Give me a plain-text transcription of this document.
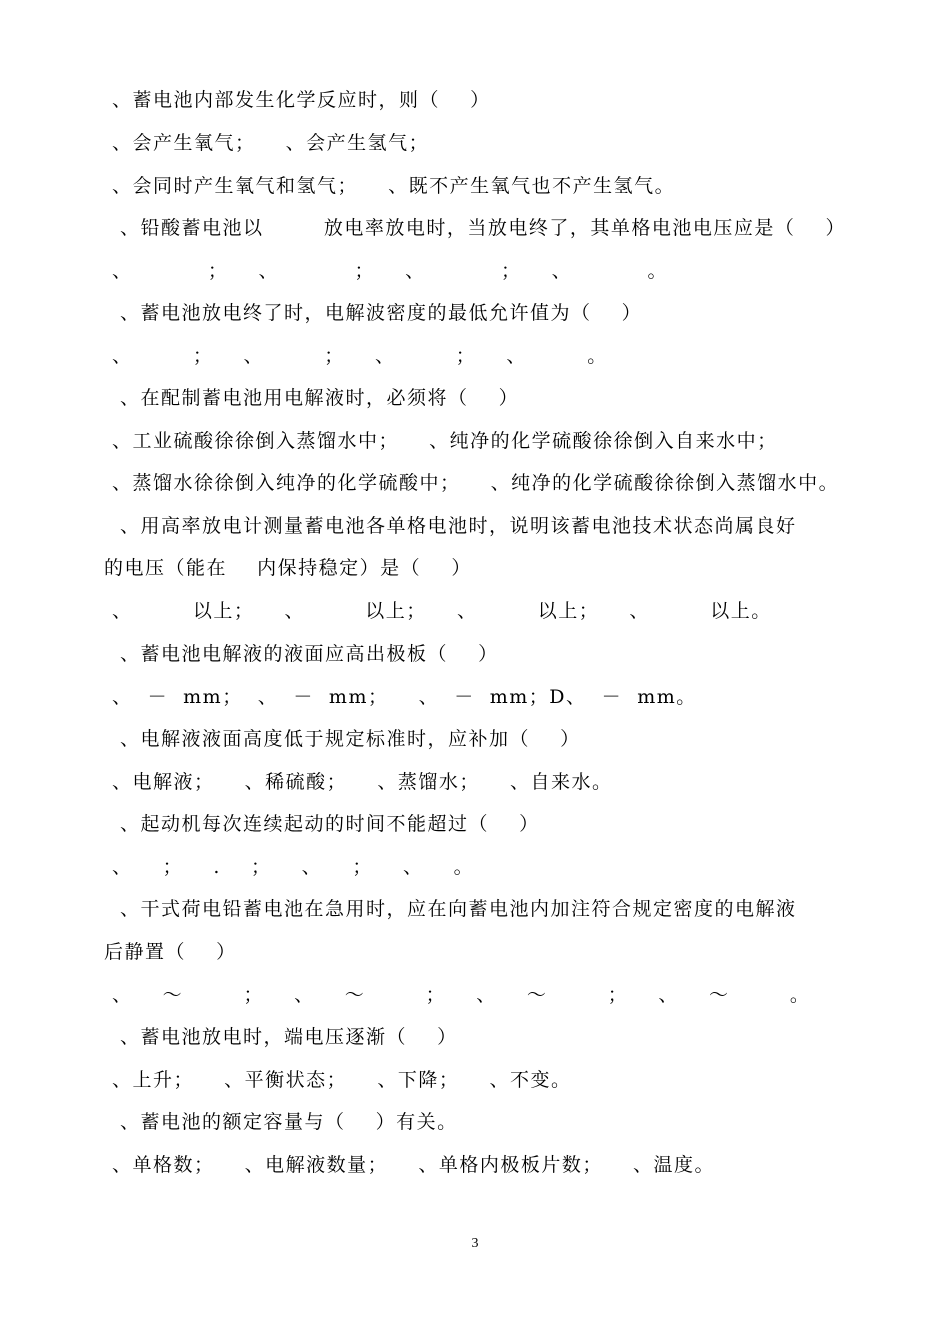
、蓄电池内部发生化学反应时，则（    ）
、会产生氧气；    、会产生氢气；
、会同时产生氧气和氢气；    、既不产生氧气也不产生氢气。
、铅酸蓄电池以        放电率放电时，当放电终了，其单格电池电压应是（    ）
、          ；    、          ；    、          ；    、          。
、蓄电池放电终了时，电解波密度的最低允许值为（    ）
、        ；    、        ；    、        ；    、        。
、在配制蓄电池用电解液时，必须将（    ）
、工业硫酸徐徐倒入蒸馏水中；    、纯净的化学硫酸徐徐倒入自来水中；
、蒸馏水徐徐倒入纯净的化学硫酸中；    、纯净的化学硫酸徐徐倒入蒸馏水中。
、用高率放电计测量蓄电池各单格电池时，说明该蓄电池技术状态尚属良好
的电压（能在    内保持稳定）是（    ）
、        以上；    、        以上；    、        以上；    、        以上。
、蓄电池电解液的液面应高出极板（    ）
、  －  mm；  、  －  mm；    、  －  mm；D、  －  mm。
、电解液液面高度低于规定标准时，应补加（    ）
、电解液；    、稀硫酸；    、蒸馏水；    、自来水。
、起动机每次连续起动的时间不能超过（    ）
、    ；    .    ；    、    ；    、    。
、干式荷电铅蓄电池在急用时，应在向蓄电池内加注符合规定密度的电解液
后静置（    ）
、    ～        ；    、    ～        ；    、    ～        ；    、    ～        。
、蓄电池放电时，端电压逐渐（    ）
、上升；    、平衡状态；    、下降；    、不变。
、蓄电池的额定容量与（    ）有关。
、单格数；    、电解液数量；    、单格内极板片数；    、温度。
3
